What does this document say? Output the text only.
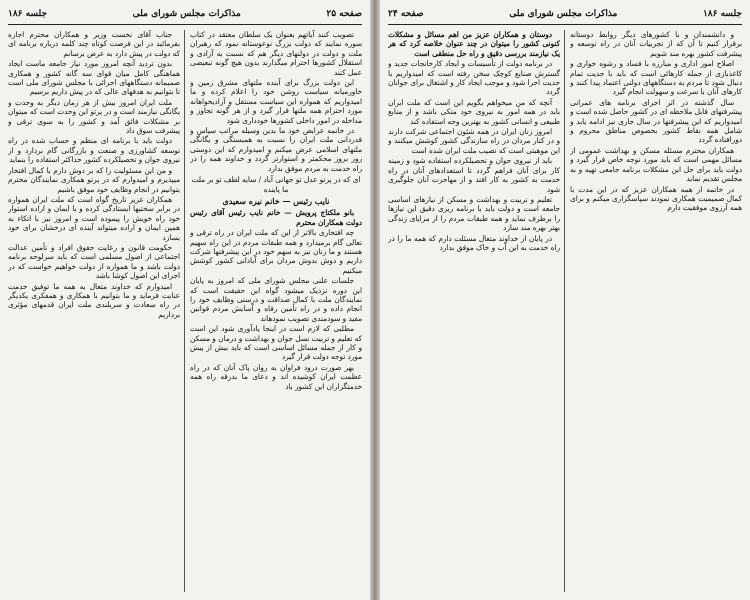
صفحه ۲۵
مذاکرات مجلس شورای ملی
جلسه ۱۸۶

تصویب کنند آیاتهم بعنوان یک سلطان معتقد در کتاب سوره نمایند که دولت بزرگ نوعوستانه نمود که رهبران ملت و دولت در دولتهای دیگر هم که نسبت به آزادی و استقلال کشورها احترام میگذارند بدون هیچ گونه تبعیضی عمل کنند

این دولت بزرگ برای آینده ملتهای مشرق زمین و خاورمیانه سیاست روشن خود را اعلام کرده و ما امیدواریم که همواره این سیاست مستقل و آزادیخواهانه مورد احترام همه ملتها قرار گیرد و از هر گونه تجاوز و مداخله در امور داخلی کشورها خودداری شود

در خاتمه عرایض خود ما بدین وسیله مراتب سپاس و قدردانی ملت ایران را نسبت به همبستگی و یگانگی ملتهای اسلامی عرض میکنم و امیدوارم که این دوستی روز بروز محکمتر و استوارتر گردد و خداوند همه را در راه خدمت به مردم موفق بدارد

ای که در پرتو عدل تو جهانی آباد / سایه لطف تو بر ملت ما پاینده
نایب رئیس — خانم نیره سعیدی

بانو ملکتاج پرویش — خانم نایب رئیس آقای رئیس دولت همکاران محترم

چه افتخاری بالاتر از این که ملت ایران در راه ترقی و تعالی گام برمیدارد و همه طبقات مردم در این راه سهیم هستند و ما زنان نیز به سهم خود در این پیشرفتها شرکت داریم و دوش بدوش مردان برای آبادانی کشور کوشش میکنیم

جلسات علنی مجلس شورای ملی که امروز به پایان این دوره نزدیک میشود گواه این حقیقت است که نمایندگان ملت با کمال صداقت و درستی وظایف خود را انجام داده و در راه تأمین رفاه و آسایش مردم قوانین مفید و سودمندی تصویب نمودهاند

مطلبی که لازم است در اینجا یادآوری شود این است که تعلیم و تربیت نسل جوان و بهداشت و درمان و مسکن و کار از جمله مسائل اساسی است که باید بیش از پیش مورد توجه دولت قرار گیرد

بهر صورت درود فراوان به روان پاک آنان که در راه عظمت ایران کوشیده اند و دعای ما بدرقه راه همه خدمتگزاران این کشور باد

جناب آقای نخست وزیر و همکاران محترم اجازه بفرمائید در این فرصت کوتاه چند کلمه درباره برنامه ای که دولت در پیش دارد به عرض برسانم

بدون تردید آنچه امروز مورد نیاز جامعه ماست ایجاد هماهنگی کامل میان قوای سه گانه کشور و همکاری صمیمانه دستگاههای اجرائی با مجلس شورای ملی است تا بتوانیم به هدفهای عالی که در پیش داریم برسیم

ملت ایران امروز بیش از هر زمان دیگر به وحدت و یگانگی نیازمند است و در پرتو این وحدت است که میتوان بر مشکلات فائق آمد و کشور را به سوی ترقی و پیشرفت سوق داد

دولت باید با برنامه ای منظم و حساب شده در راه توسعه کشاورزی و صنعت و بازرگانی گام بردارد و از نیروی جوان و تحصیلکرده کشور حداکثر استفاده را بنماید

و من این مسئولیت را که بر دوش دارم با کمال افتخار میپذیرم و امیدوارم که در پرتو همکاری نمایندگان محترم بتوانیم در انجام وظایف خود موفق باشیم

همکاران عزیز تاریخ گواه است که ملت ایران همواره در برابر سختیها ایستادگی کرده و با ایمان و اراده استوار خود راه خویش را پیموده است و امروز نیز با اتکاء به همین ایمان و اراده میتواند آینده ای درخشان برای خود بسازد

حکومت قانون و رعایت حقوق افراد و تأمین عدالت اجتماعی از اصول مسلمی است که باید سرلوحه برنامه دولت باشد و ما همواره از دولت خواهیم خواست که در اجرای این اصول کوشا باشد

امیدوارم که خداوند متعال به همه ما توفیق خدمت عنایت فرماید و ما بتوانیم با همکاری و همفکری یکدیگر در راه سعادت و سربلندی ملت ایران قدمهای مؤثری برداریم

جلسه ۱۸۶
مذاکرات مجلس شورای ملی
صفحه ۲۴

و دانشمندان و با کشورهای دیگر روابط دوستانه برقرار کنیم تا آن که از تجربیات آنان در راه توسعه و پیشرفت کشور بهره مند شویم

اصلاح امور اداری و مبارزه با فساد و رشوه خواری و کاغذبازی از جمله کارهائی است که باید با جدیت تمام دنبال شود تا مردم به دستگاههای دولتی اعتماد پیدا کنند و کارهای آنان با سرعت و سهولت انجام گیرد

سال گذشته در اثر اجرای برنامه های عمرانی پیشرفتهای قابل ملاحظه ای در کشور حاصل شده است و امیدواریم که این پیشرفتها در سال جاری نیز ادامه یابد و شامل همه نقاط کشور بخصوص مناطق محروم و دورافتاده گردد

همکاران محترم مسئله مسکن و بهداشت عمومی از مسائل مهمی است که باید مورد توجه خاص قرار گیرد و دولت باید برای حل این مشکلات برنامه جامعی تهیه و به مجلس تقدیم نماید

در خاتمه از همه همکاران عزیز که در این مدت با کمال صمیمیت همکاری نمودند سپاسگزاری میکنم و برای همه آرزوی موفقیت دارم

دوستان و همکاران عزیز من اهم مسائل و مشکلات کنونی کشور را میتوان در چند عنوان خلاصه کرد که هر یک نیازمند بررسی دقیق و راه حل منطقی است

در برنامه دولت از تأسیسات و ایجاد کارخانجات جدید و گسترش صنایع کوچک سخن رفته است که امیدواریم با جدیت اجرا شود و موجب ایجاد کار و اشتغال برای جوانان گردد

آنچه که من میخواهم بگویم این است که ملت ایران باید در همه امور به نیروی خود متکی باشد و از منابع طبیعی و انسانی کشور به بهترین وجه استفاده کند

امروز زنان ایران در همه شئون اجتماعی شرکت دارند و در کنار مردان در راه سازندگی کشور کوشش میکنند و این موهبتی است که نصیب ملت ایران شده است

باید از نیروی جوان و تحصیلکرده استفاده شود و زمینه کار برای آنان فراهم گردد تا استعدادهای آنان در راه خدمت به کشور به کار افتد و از مهاجرت آنان جلوگیری شود

تعلیم و تربیت و بهداشت و مسکن از نیازهای اساسی جامعه است و دولت باید با برنامه ریزی دقیق این نیازها را برطرف نماید و همه طبقات مردم را از مزایای زندگی بهتر بهره مند سازد

در پایان از خداوند متعال مسئلت دارم که همه ما را در راه خدمت به این آب و خاک موفق بدارد
